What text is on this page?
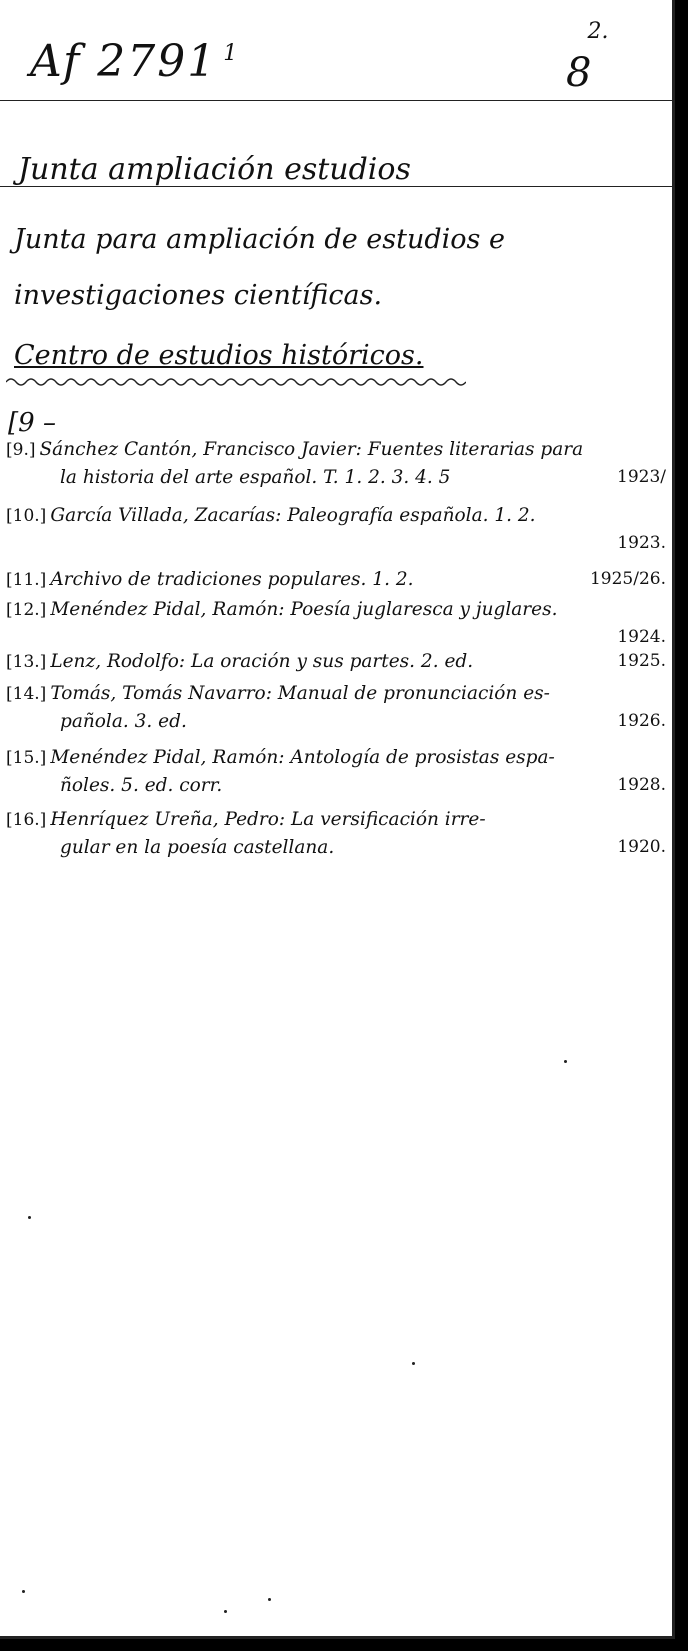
Af 2791 $^1$	$8^{2.}$
Junta ampliación estudios
Junta para ampliación de estudios e
investigaciones científicas.
Centro de estudios históricos.
[9 –
[9.] Sánchez Cantón, Francisco Javier: Fuentes literarias para
la historia del arte español. T. 1. 2. 3. 4. 5	1923/
[10.] García Villada, Zacarías: Paleografía española. 1. 2.
1923.
[11.] Archivo de tradiciones populares. 1. 2.	1925/26.
[12.] Menéndez Pidal, Ramón: Poesía juglaresca y juglares.
1924.
[13.] Lenz, Rodolfo: La oración y sus partes. 2. ed.	1925.
[14.] Tomás, Tomás Navarro: Manual de pronunciación es-
pañola. 3. ed.	1926.
[15.] Menéndez Pidal, Ramón: Antología de prosistas espa-
ñoles. 5. ed. corr.	1928.
[16.] Henríquez Ureña, Pedro: La versificación irre-
gular en la poesía castellana.	1920.
